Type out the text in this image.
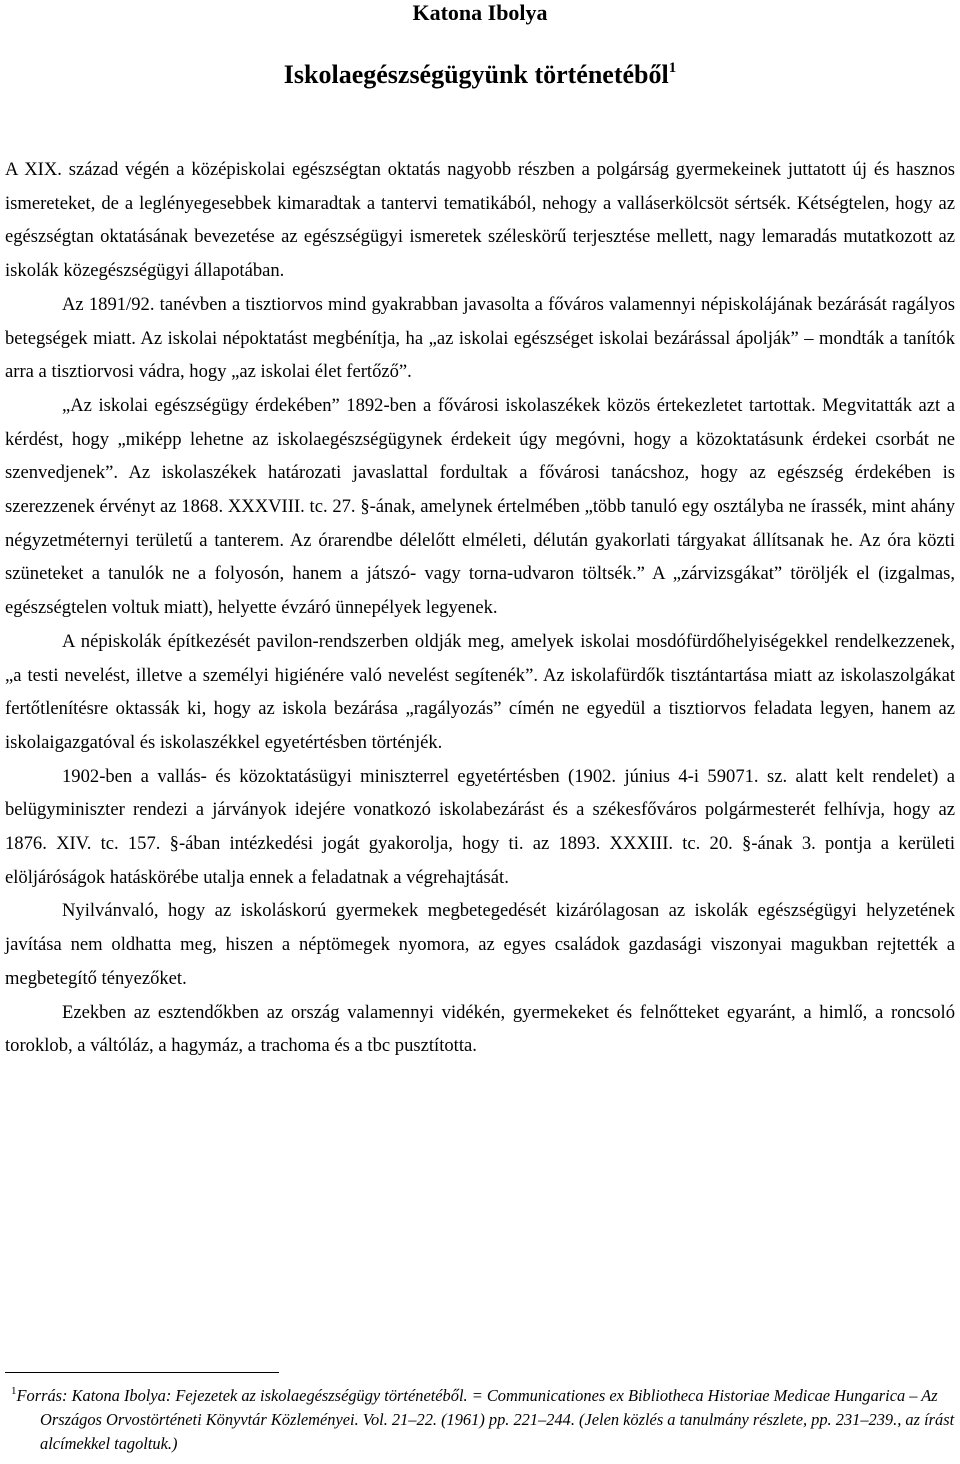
Katona Ibolya
Iskolaegészségügyünk történetéből$^1$

A XIX. század végén a középiskolai egészségtan oktatás nagyobb részben a polgárság gyermekeinek juttatott új és hasznos ismereteket, de a leglényegesebbek kimaradtak a tantervi tematikából, nehogy a valláserkölcsöt sértsék. Kétségtelen, hogy az egészségtan oktatásának bevezetése az egészségügyi ismeretek széleskörű terjesztése mellett, nagy lemaradás mutatkozott az iskolák közegészségügyi állapotában.

Az 1891/92. tanévben a tisztiorvos mind gyakrabban javasolta a főváros valamennyi népiskolájának bezárását ragályos betegségek miatt. Az iskolai népoktatást megbénítja, ha „az iskolai egészséget iskolai bezárással ápolják” – mondták a tanítók arra a tisztiorvosi vádra, hogy „az iskolai élet fertőző”.

„Az iskolai egészségügy érdekében” 1892-ben a fővárosi iskolaszékek közös értekezletet tartottak. Megvitatták azt a kérdést, hogy „miképp lehetne az iskolaegészségügynek érdekeit úgy megóvni, hogy a közoktatásunk érdekei csorbát ne szenvedjenek”. Az iskolaszékek határozati javaslattal fordultak a fővárosi tanácshoz, hogy az egészség érdekében is szerezzenek érvényt az 1868. XXXVIII. tc. 27. §-ának, amelynek értelmében „több tanuló egy osztályba ne írassék, mint ahány négyzetméternyi területű a tanterem. Az órarendbe délelőtt elméleti, délután gyakorlati tárgyakat állítsanak he. Az óra közti szüneteket a tanulók ne a folyosón, hanem a játszó- vagy torna-udvaron töltsék.” A „zárvizsgákat” töröljék el (izgalmas, egészségtelen voltuk miatt), helyette évzáró ünnepélyek legyenek.

A népiskolák építkezését pavilon-rendszerben oldják meg, amelyek iskolai mosdófürdőhelyiségekkel rendelkezzenek, „a testi nevelést, illetve a személyi higiénére való nevelést segítenék”. Az iskolafürdők tisztántartása miatt az iskolaszolgákat fertőtlenítésre oktassák ki, hogy az iskola bezárása „ragályozás” címén ne egyedül a tisztiorvos feladata legyen, hanem az iskolaigazgatóval és iskolaszékkel egyetértésben történjék.

1902-ben a vallás- és közoktatásügyi miniszterrel egyetértésben (1902. június 4-i 59071. sz. alatt kelt rendelet) a belügyminiszter rendezi a járványok idejére vonatkozó iskolabezárást és a székesfőváros polgármesterét felhívja, hogy az 1876. XIV. tc. 157. §-ában intézkedési jogát gyakorolja, hogy ti. az 1893. XXXIII. tc. 20. §-ának 3. pontja a kerületi elöljáróságok hatáskörébe utalja ennek a feladatnak a végrehajtását.

Nyilvánvaló, hogy az iskoláskorú gyermekek megbetegedését kizárólagosan az iskolák egészségügyi helyzetének javítása nem oldhatta meg, hiszen a néptömegek nyomora, az egyes családok gazdasági viszonyai magukban rejtették a megbetegítő tényezőket.

Ezekben az esztendőkben az ország valamennyi vidékén, gyermekeket és felnőtteket egyaránt, a himlő, a roncsoló toroklob, a váltóláz, a hagymáz, a trachoma és a tbc pusztította.

$^1$Forrás: Katona Ibolya: Fejezetek az iskolaegészségügy történetéből. = Communicationes ex Bibliotheca Historiae Medicae Hungarica – Az Országos Orvostörténeti Könyvtár Közleményei. Vol. 21–22. (1961) pp. 221–244. (Jelen közlés a tanulmány részlete, pp. 231–239., az írást alcímekkel tagoltuk.)
